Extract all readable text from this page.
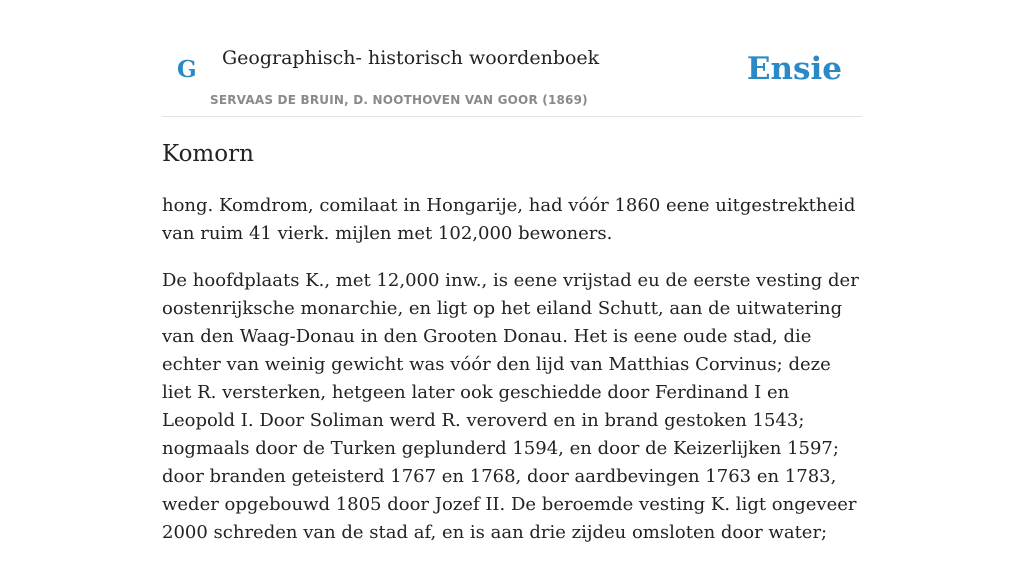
G Geographisch- historisch woordenboek
SERVAAS DE BRUIN, D. NOOTHOVEN VAN GOOR (1869)
Ensie
Komorn

hong. Komdrom, comilaat in Hongarije, had vóór 1860 eene uitgestrektheid van ruim 41 vierk. mijlen met 102,000 bewoners.

De hoofdplaats K., met 12,000 inw., is eene vrijstad eu de eerste vesting der oostenrijksche monarchie, en ligt op het eiland Schutt, aan de uitwatering van den Waag-Donau in den Grooten Donau. Het is eene oude stad, die echter van weinig gewicht was vóór den lijd van Matthias Corvinus; deze liet R. versterken, hetgeen later ook geschiedde door Ferdinand I en Leopold I. Door Soliman werd R. veroverd en in brand gestoken 1543; nogmaals door de Turken geplunderd 1594, en door de Keizerlijken 1597; door branden geteisterd 1767 en 1768, door aardbevingen 1763 en 1783, weder opgebouwd 1805 door Jozef II. De beroemde vesting K. ligt ongeveer 2000 schreden van de stad af, en is aan drie zijdeu omsloten door water;
